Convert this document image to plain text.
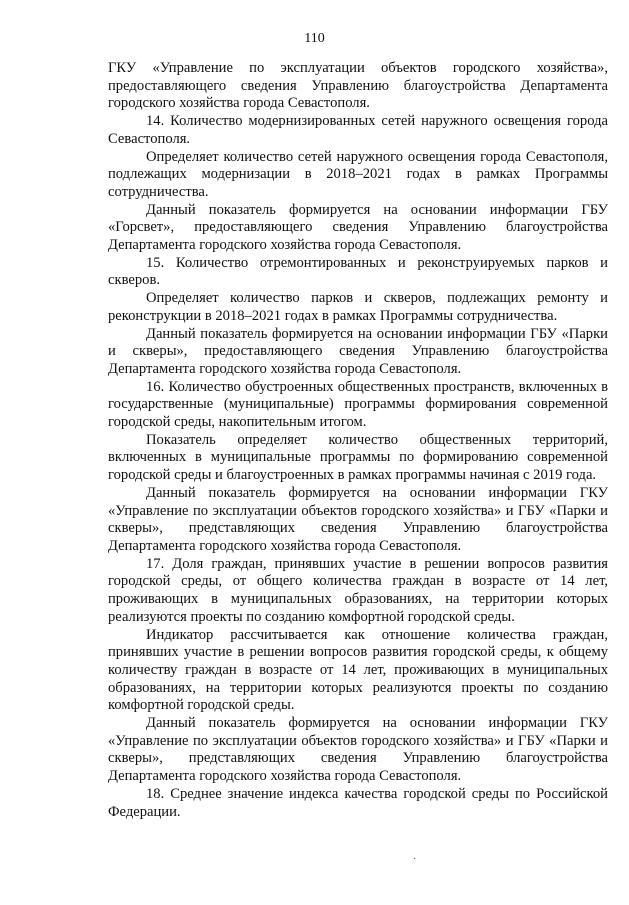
110

ГКУ «Управление по эксплуатации объектов городского хозяйства», предоставляющего сведения Управлению благоустройства Департамента городского хозяйства города Севастополя.

14. Количество модернизированных сетей наружного освещения города Севастополя.

Определяет количество сетей наружного освещения города Севастополя, подлежащих модернизации в 2018–2021 годах в рамках Программы сотрудничества.

Данный показатель формируется на основании информации ГБУ «Горсвет», предоставляющего сведения Управлению благоустройства Департамента городского хозяйства города Севастополя.

15. Количество отремонтированных и реконструируемых парков и скверов.

Определяет количество парков и скверов, подлежащих ремонту и реконструкции в 2018–2021 годах в рамках Программы сотрудничества.

Данный показатель формируется на основании информации ГБУ «Парки и скверы», предоставляющего сведения Управлению благоустройства Департамента городского хозяйства города Севастополя.

16. Количество обустроенных общественных пространств, включенных в государственные (муниципальные) программы формирования современной городской среды, накопительным итогом.

Показатель определяет количество общественных территорий, включенных в муниципальные программы по формированию современной городской среды и благоустроенных в рамках программы начиная с 2019 года.

Данный показатель формируется на основании информации ГКУ «Управление по эксплуатации объектов городского хозяйства» и ГБУ «Парки и скверы», представляющих сведения Управлению благоустройства Департамента городского хозяйства города Севастополя.

17. Доля граждан, принявших участие в решении вопросов развития городской среды, от общего количества граждан в возрасте от 14 лет, проживающих в муниципальных образованиях, на территории которых реализуются проекты по созданию комфортной городской среды.

Индикатор рассчитывается как отношение количества граждан, принявших участие в решении вопросов развития городской среды, к общему количеству граждан в возрасте от 14 лет, проживающих в муниципальных образованиях, на территории которых реализуются проекты по созданию комфортной городской среды.

Данный показатель формируется на основании информации ГКУ «Управление по эксплуатации объектов городского хозяйства» и ГБУ «Парки и скверы», представляющих сведения Управлению благоустройства Департамента городского хозяйства города Севастополя.

18. Среднее значение индекса качества городской среды по Российской Федерации.

·
